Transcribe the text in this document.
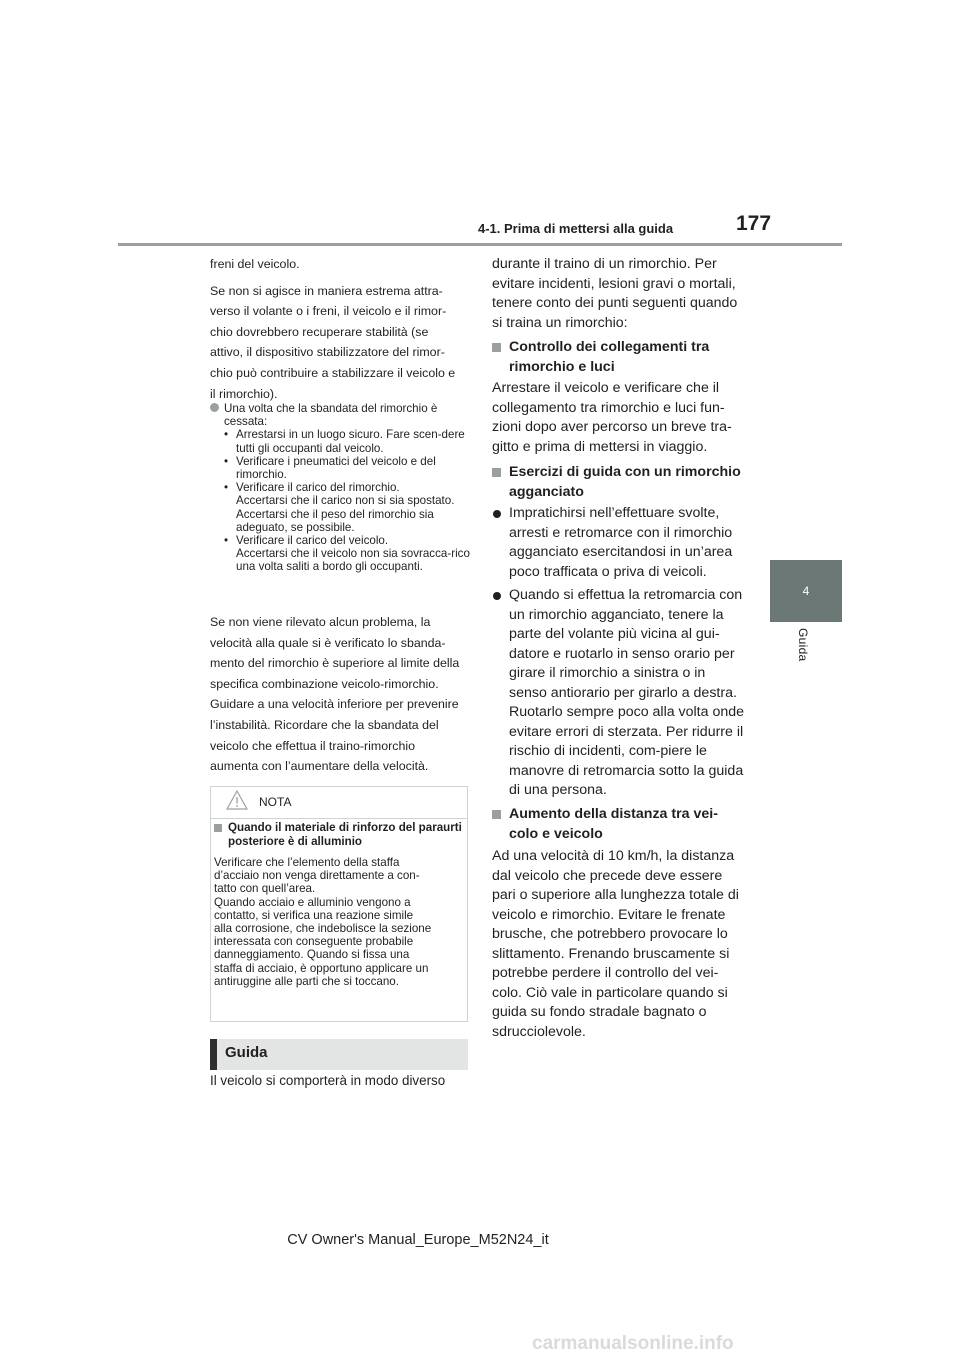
4-1. Prima di mettersi alla guida	177
4
Guida

freni del veicolo.

Se non si agisce in maniera estrema attra-

verso il volante o i freni, il veicolo e il rimor-

chio dovrebbero recuperare stabilità (se

attivo, il dispositivo stabilizzatore del rimor-

chio può contribuire a stabilizzare il veicolo e

il rimorchio).

Una volta che la sbandata del rimorchio è cessata:
• Arrestarsi in un luogo sicuro. Fare scen-dere tutti gli occupanti dal veicolo.
• Verificare i pneumatici del veicolo e del rimorchio.
• Verificare il carico del rimorchio.
Accertarsi che il carico non si sia spostato. Accertarsi che il peso del rimorchio sia adeguato, se possibile.
• Verificare il carico del veicolo.
Accertarsi che il veicolo non sia sovracca-rico una volta saliti a bordo gli occupanti.

Se non viene rilevato alcun problema, la

velocità alla quale si è verificato lo sbanda-

mento del rimorchio è superiore al limite della

specifica combinazione veicolo-rimorchio.

Guidare a una velocità inferiore per prevenire

l’instabilità. Ricordare che la sbandata del

veicolo che effettua il traino-rimorchio

aumenta con l’aumentare della velocità.

NOTA
Quando il materiale di rinforzo del paraurti posteriore è di alluminio
Verificare che l’elemento della staffa
d’acciaio non venga direttamente a con-
tatto con quell’area.
Quando acciaio e alluminio vengono a
contatto, si verifica una reazione simile
alla corrosione, che indebolisce la sezione
interessata con conseguente probabile
danneggiamento. Quando si fissa una
staffa di acciaio, è opportuno applicare un
antiruggine alle parti che si toccano.
Guida
Il veicolo si comporterà in modo diverso
durante il traino di un rimorchio. Per evitare incidenti, lesioni gravi o mortali, tenere conto dei punti seguenti quando si traina un rimorchio:
Controllo dei collegamenti tra rimorchio e luci
Arrestare il veicolo e verificare che il collegamento tra rimorchio e luci fun-zioni dopo aver percorso un breve tra-gitto e prima di mettersi in viaggio.
Esercizi di guida con un rimorchio agganciato
Impratichirsi nell’effettuare svolte, arresti e retromarce con il rimorchio agganciato esercitandosi in un’area poco trafficata o priva di veicoli.
Quando si effettua la retromarcia con un rimorchio agganciato, tenere la parte del volante più vicina al gui-datore e ruotarlo in senso orario per girare il rimorchio a sinistra o in senso antiorario per girarlo a destra. Ruotarlo sempre poco alla volta onde evitare errori di sterzata. Per ridurre il rischio di incidenti, com-piere le manovre di retromarcia sotto la guida di una persona.
Aumento della distanza tra vei-colo e veicolo
Ad una velocità di 10 km/h, la distanza dal veicolo che precede deve essere pari o superiore alla lunghezza totale di veicolo e rimorchio. Evitare le frenate brusche, che potrebbero provocare lo slittamento. Frenando bruscamente si potrebbe perdere il controllo del vei-colo. Ciò vale in particolare quando si guida su fondo stradale bagnato o sdrucciolevole.
CV Owner's Manual_Europe_M52N24_it
carmanualsonline.info
